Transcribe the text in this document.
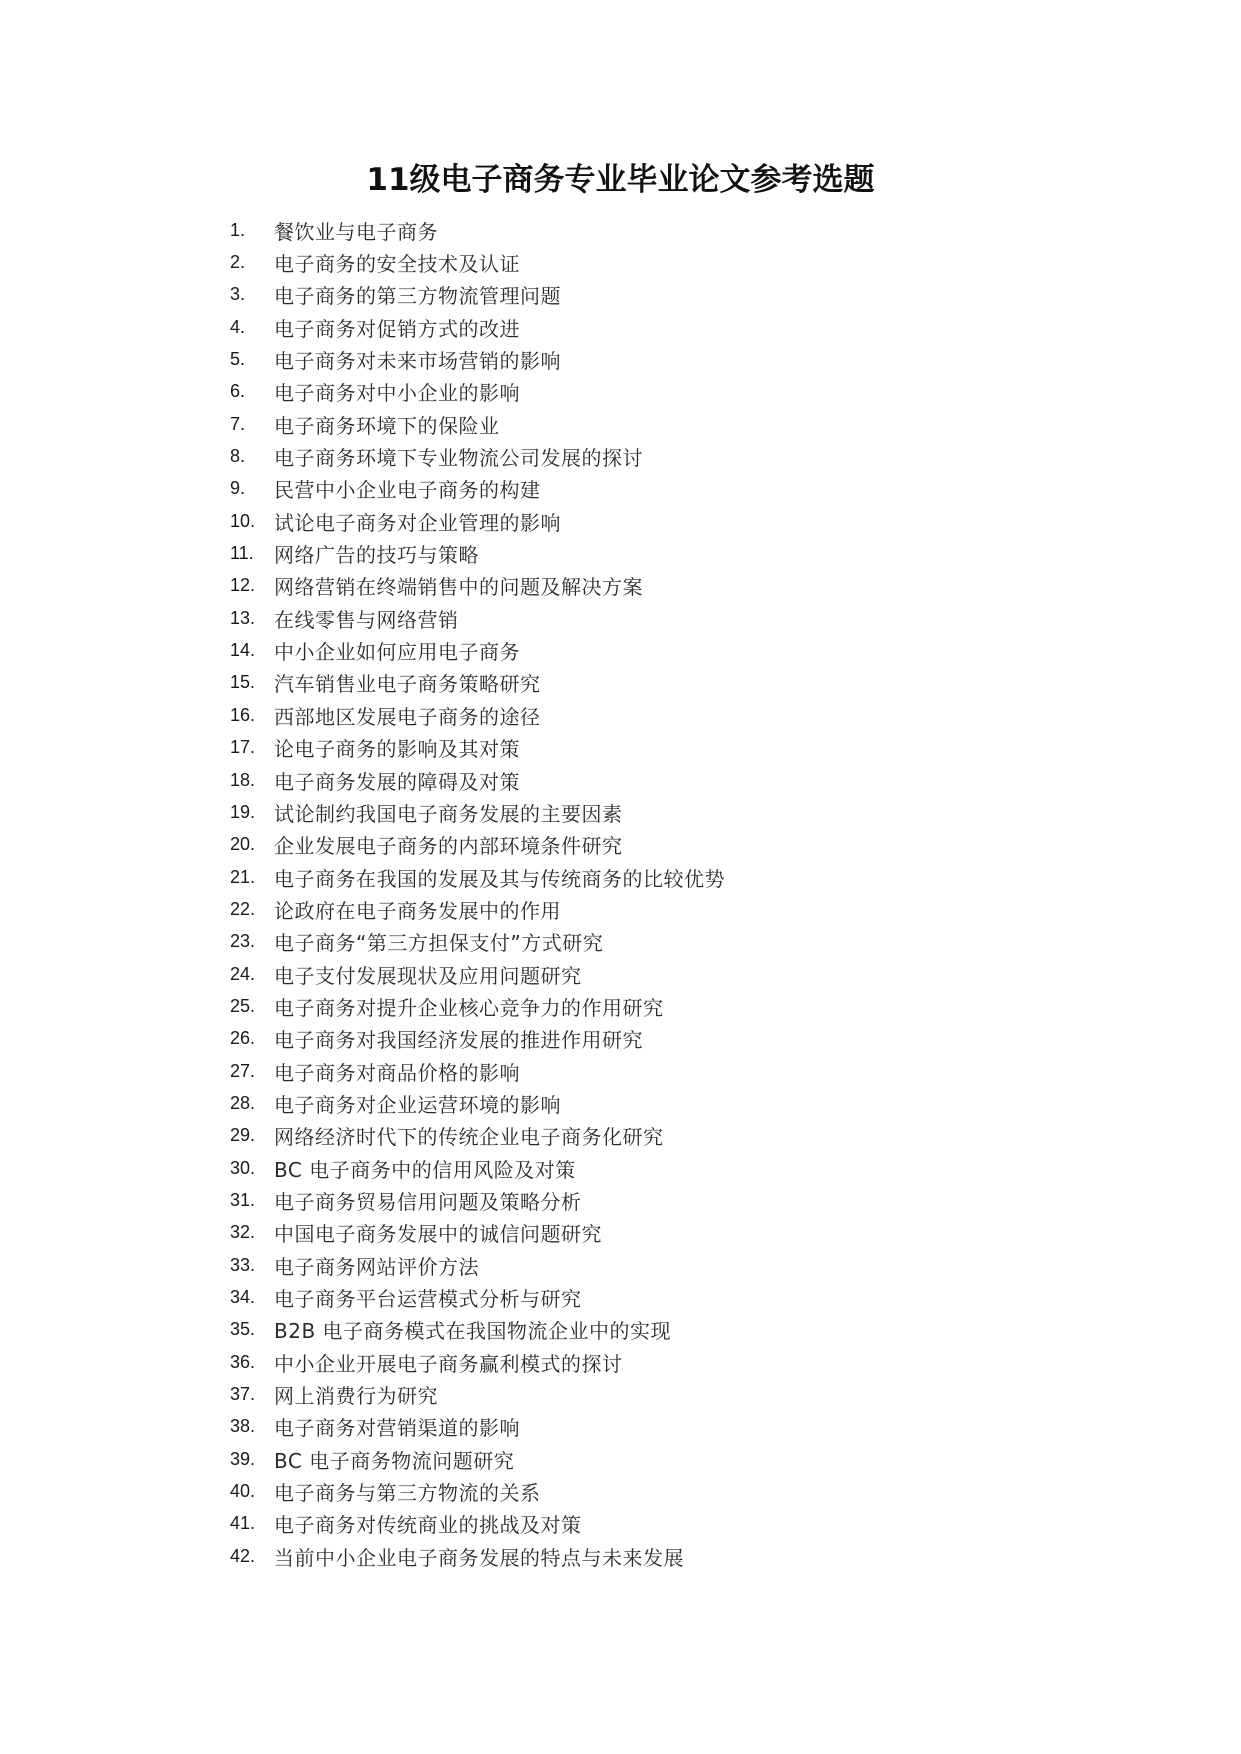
11级电子商务专业毕业论文参考选题
1.	餐饮业与电子商务
2.	电子商务的安全技术及认证
3.	电子商务的第三方物流管理问题
4.	电子商务对促销方式的改进
5.	电子商务对未来市场营销的影响
6.	电子商务对中小企业的影响
7.	电子商务环境下的保险业
8.	电子商务环境下专业物流公司发展的探讨
9.	民营中小企业电子商务的构建
10. 试论电子商务对企业管理的影响
11.	网络广告的技巧与策略
12. 网络营销在终端销售中的问题及解决方案
13. 在线零售与网络营销
14. 中小企业如何应用电子商务
15. 汽车销售业电子商务策略研究
16. 西部地区发展电子商务的途径
17. 论电子商务的影响及其对策
18. 电子商务发展的障碍及对策
19. 试论制约我国电子商务发展的主要因素
20. 企业发展电子商务的内部环境条件研究
21. 电子商务在我国的发展及其与传统商务的比较优势
22. 论政府在电子商务发展中的作用
23. 电子商务“第三方担保支付”方式研究
24. 电子支付发展现状及应用问题研究
25. 电子商务对提升企业核心竞争力的作用研究
26. 电子商务对我国经济发展的推进作用研究
27. 电子商务对商品价格的影响
28. 电子商务对企业运营环境的影响
29. 网络经济时代下的传统企业电子商务化研究
30. BC 电子商务中的信用风险及对策
31. 电子商务贸易信用问题及策略分析
32. 中国电子商务发展中的诚信问题研究
33. 电子商务网站评价方法
34. 电子商务平台运营模式分析与研究
35. B2B 电子商务模式在我国物流企业中的实现
36. 中小企业开展电子商务赢利模式的探讨
37. 网上消费行为研究
38. 电子商务对营销渠道的影响
39. BC 电子商务物流问题研究
40. 电子商务与第三方物流的关系
41. 电子商务对传统商业的挑战及对策
42. 当前中小企业电子商务发展的特点与未来发展
